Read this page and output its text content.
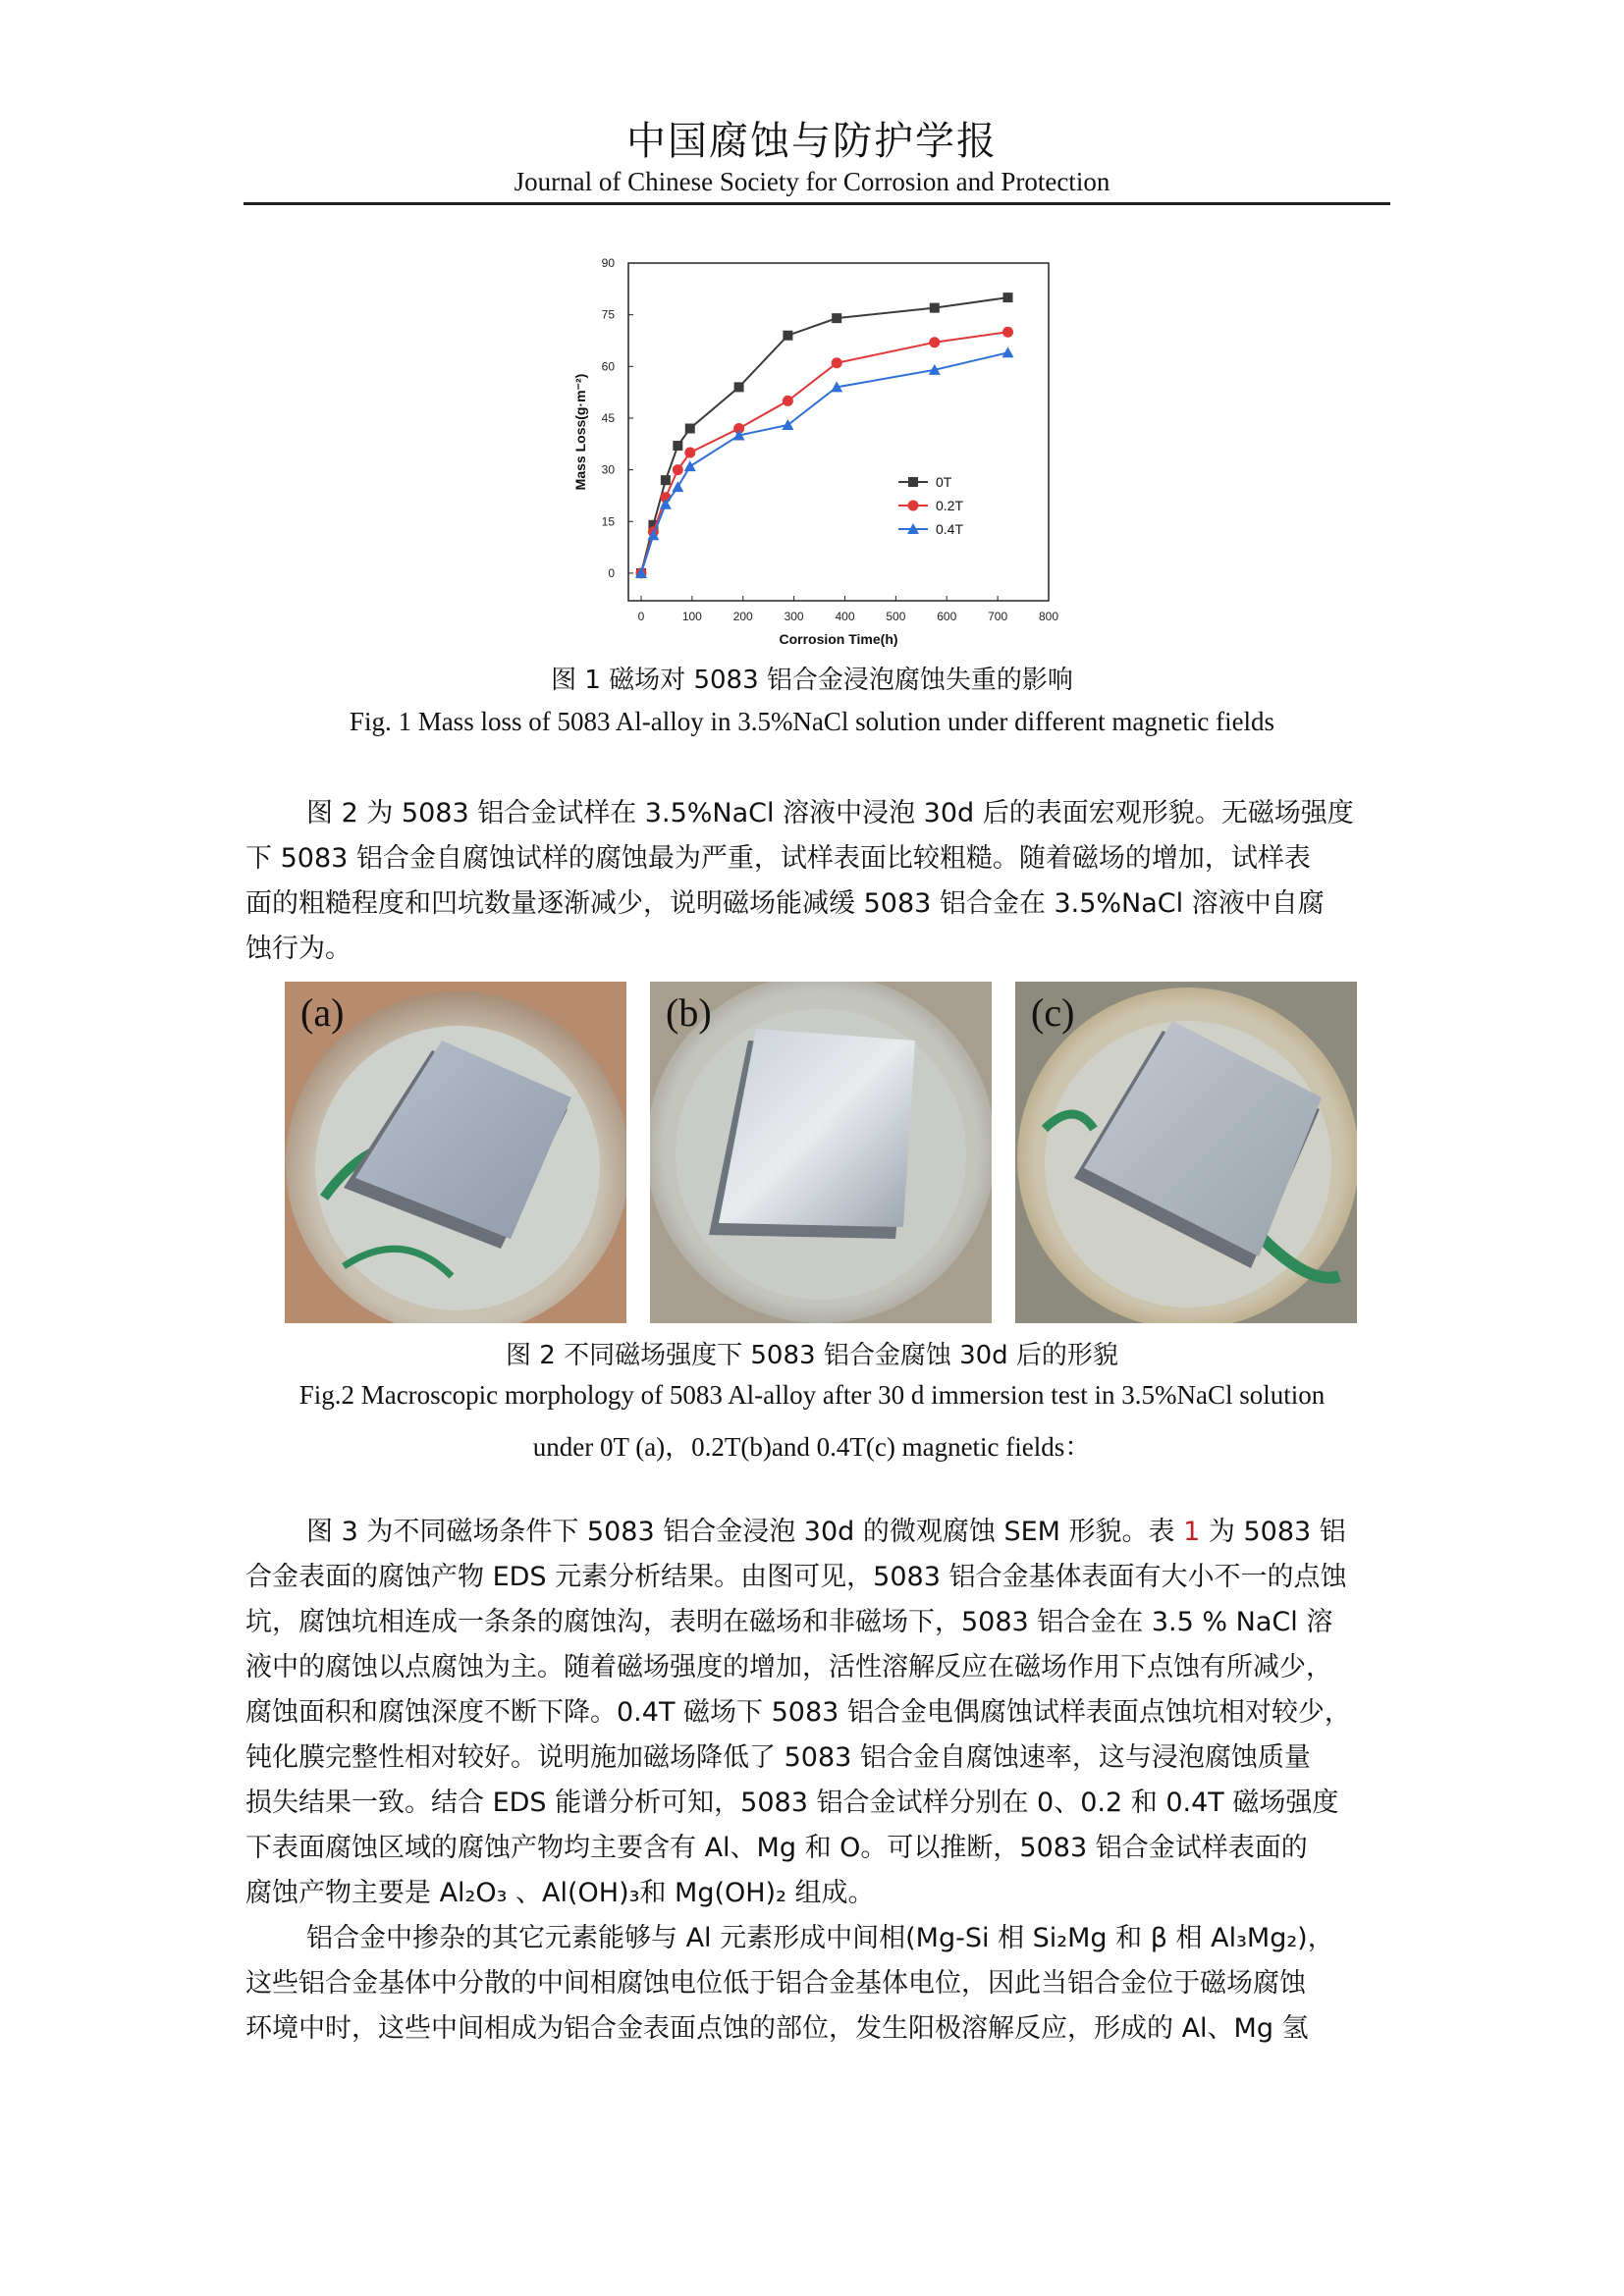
中国腐蚀与防护学报
Journal of Chinese Society for Corrosion and Protection
0	100	200	300	400	500	600	700	800
0
15
30
45
60
75
90
Corrosion Time(h)
Mass Loss(g·m⁻²)	0T
0.2T
0.4T
图 1 磁场对 5083 铝合金浸泡腐蚀失重的影响
Fig. 1 Mass loss of 5083 Al-alloy in 3.5%NaCl solution under different magnetic fields
图 2 为 5083 铝合金试样在 3.5%NaCl 溶液中浸泡 30d 后的表面宏观形貌。无磁场强度
下 5083 铝合金自腐蚀试样的腐蚀最为严重，试样表面比较粗糙。随着磁场的增加，试样表
面的粗糙程度和凹坑数量逐渐减少，说明磁场能减缓 5083 铝合金在 3.5%NaCl 溶液中自腐
蚀行为。
(a)	(b)	(c)
图 2 不同磁场强度下 5083 铝合金腐蚀 30d 后的形貌
Fig.2 Macroscopic morphology of 5083 Al-alloy after 30 d immersion test in 3.5%NaCl solution
under 0T (a)，0.2T(b)and 0.4T(c) magnetic fields：
图 3 为不同磁场条件下 5083 铝合金浸泡 30d 的微观腐蚀 SEM 形貌。表 1 为 5083 铝
合金表面的腐蚀产物 EDS 元素分析结果。由图可见，5083 铝合金基体表面有大小不一的点蚀
坑，腐蚀坑相连成一条条的腐蚀沟，表明在磁场和非磁场下，5083 铝合金在 3.5 % NaCl 溶
液中的腐蚀以点腐蚀为主。随着磁场强度的增加，活性溶解反应在磁场作用下点蚀有所减少，
腐蚀面积和腐蚀深度不断下降。0.4T 磁场下 5083 铝合金电偶腐蚀试样表面点蚀坑相对较少，
钝化膜完整性相对较好。说明施加磁场降低了 5083 铝合金自腐蚀速率，这与浸泡腐蚀质量
损失结果一致。结合 EDS 能谱分析可知，5083 铝合金试样分别在 0、0.2 和 0.4T 磁场强度
下表面腐蚀区域的腐蚀产物均主要含有 Al、Mg 和 O。可以推断，5083 铝合金试样表面的
腐蚀产物主要是 Al₂O₃ 、Al(OH)₃和 Mg(OH)₂ 组成。
铝合金中掺杂的其它元素能够与 Al 元素形成中间相(Mg-Si 相 Si₂Mg 和 β 相 Al₃Mg₂)，
这些铝合金基体中分散的中间相腐蚀电位低于铝合金基体电位，因此当铝合金位于磁场腐蚀
环境中时，这些中间相成为铝合金表面点蚀的部位，发生阳极溶解反应，形成的 Al、Mg 氢
